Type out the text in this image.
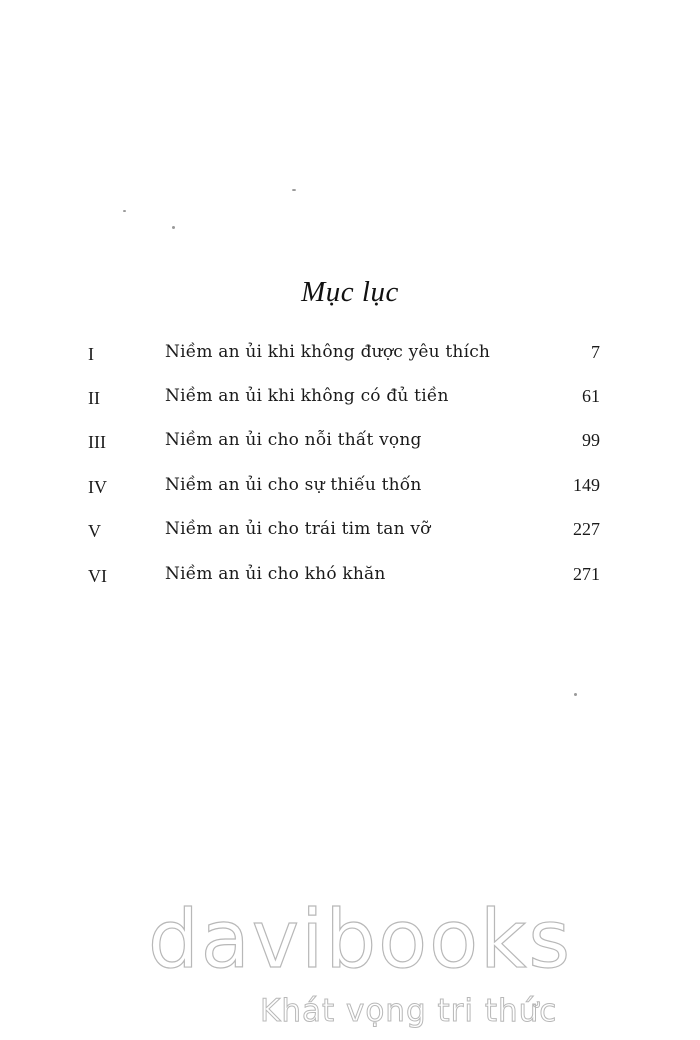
Mục lục
I	Niềm an ủi khi không được yêu thích	7
II	Niềm an ủi khi không có đủ tiền	61
III	Niềm an ủi cho nỗi thất vọng	99
IV	Niềm an ủi cho sự thiếu thốn	149
V	Niềm an ủi cho trái tim tan vỡ	227
VI	Niềm an ủi cho khó khăn	271
davibooks
Khát vọng tri thức
